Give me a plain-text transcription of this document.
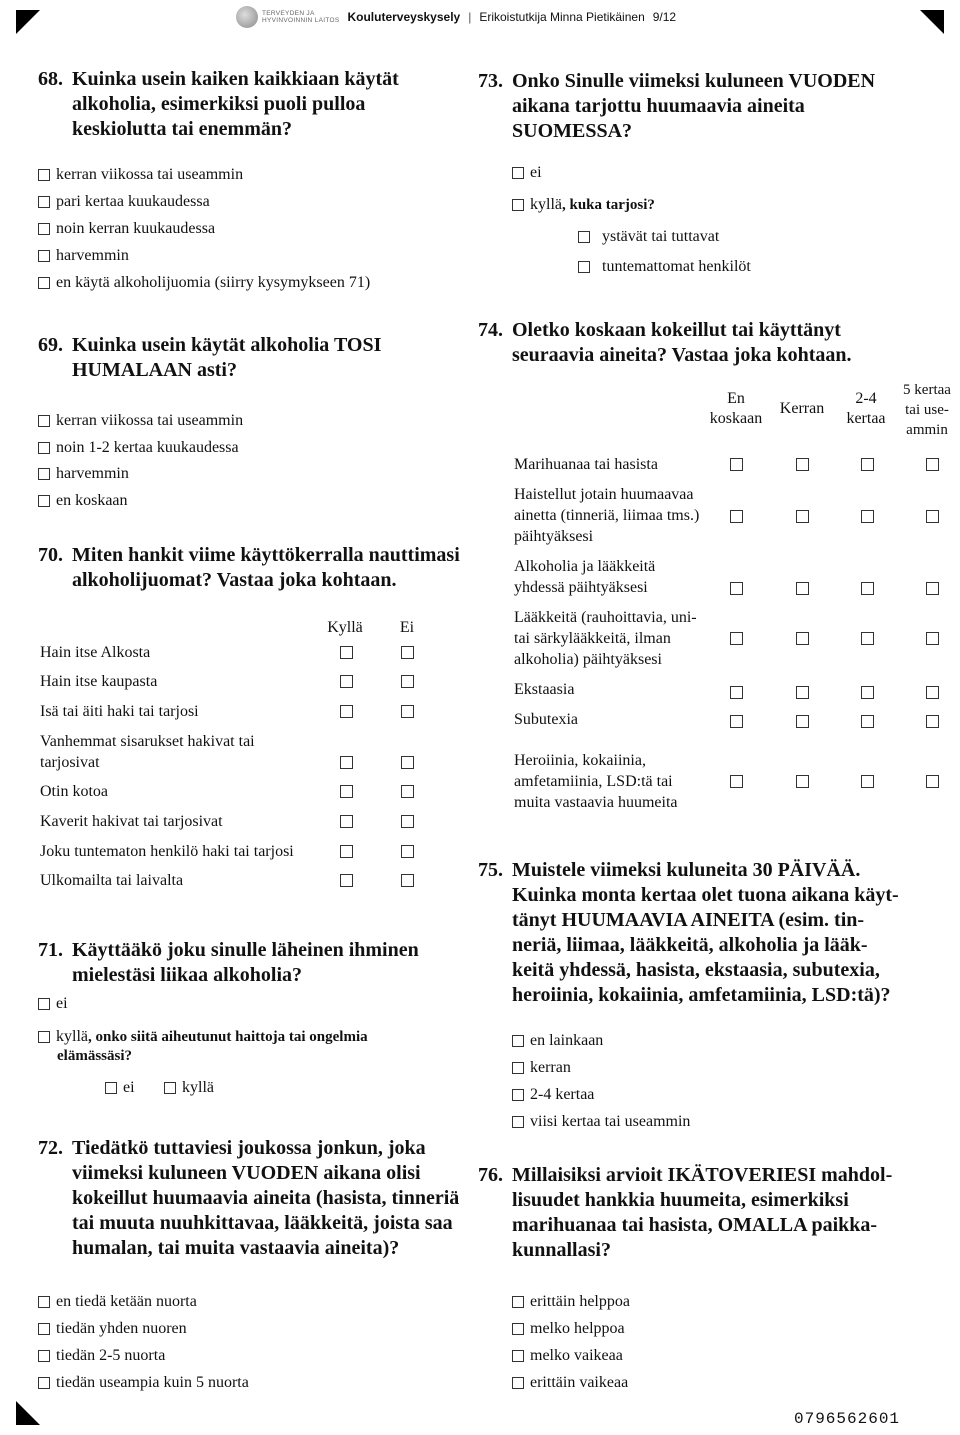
TERVEYDEN JA
HYVINVOINNIN LAITOS Kouluterveyskysely | Erikoistutkija Minna Pietikäinen 9/12
68. Kuinka usein kaiken kaikkiaan käytät
alkoholia, esimerkiksi puoli pulloa
keskiolutta tai enemmän?
kerran viikossa tai useammin
pari kertaa kuukaudessa
noin kerran kuukaudessa
harvemmin
en käytä alkoholijuomia (siirry kysymykseen 71)
69. Kuinka usein käytät alkoholia TOSI
HUMALAAN asti?
kerran viikossa tai useammin
noin 1-2 kertaa kuukaudessa
harvemmin
en koskaan
70. Miten hankit viime käyttökerralla nauttimasi
alkoholijuomat? Vastaa joka kohtaan.
Kyllä	Ei
Hain itse Alkosta
Hain itse kaupasta
Isä tai äiti haki tai tarjosi
Vanhemmat sisarukset hakivat tai
tarjosivat
Otin kotoa
Kaverit hakivat tai tarjosivat
Joku tuntematon henkilö haki tai tarjosi
Ulkomailta tai laivalta
71. Käyttääkö joku sinulle läheinen ihminen
mielestäsi liikaa alkoholia?
ei
kyllä , onko siitä aiheutunut haittoja tai ongelmia
elämässäsi?
ei	kyllä
72. Tiedätkö tuttaviesi joukossa jonkun, joka
viimeksi kuluneen VUODEN aikana olisi
kokeillut huumaavia aineita (hasista, tinneriä
tai muuta nuuhkittavaa, lääkkeitä, joista saa
humalan, tai muita vastaavia aineita)?
en tiedä ketään nuorta
tiedän yhden nuoren
tiedän 2-5 nuorta
tiedän useampia kuin 5 nuorta
73. Onko Sinulle viimeksi kuluneen VUODEN
aikana tarjottu huumaavia aineita
SUOMESSA?
ei
kyllä , kuka tarjosi?
ystävät tai tuttavat
tuntemattomat henkilöt
74. Oletko koskaan kokeillut tai käyttänyt
seuraavia aineita? Vastaa joka kohtaan.
En
koskaan
Kerran
2-4
kertaa
5 kertaa
tai use-
ammin
Marihuanaa tai hasista
Haistellut jotain huumaavaa
ainetta (tinneriä, liimaa tms.)
päihtyäksesi
Alkoholia ja lääkkeitä
yhdessä päihtyäksesi
Lääkkeitä (rauhoittavia, uni-
tai särkylääkkeitä, ilman
alkoholia) päihtyäksesi
Ekstaasia
Subutexia
Heroiinia, kokaiinia,
amfetamiinia, LSD:tä tai
muita vastaavia huumeita
75. Muistele viimeksi kuluneita 30 PÄIVÄÄ.
Kuinka monta kertaa olet tuona aikana käyt-
tänyt HUUMAAVIA AINEITA (esim. tin-
neriä, liimaa, lääkkeitä, alkoholia ja lääk-
keitä yhdessä, hasista, ekstaasia, subutexia,
heroiinia, kokaiinia, amfetamiinia, LSD:tä)?
en lainkaan
kerran
2-4 kertaa
viisi kertaa tai useammin
76. Millaisiksi arvioit IKÄTOVERIESI mahdol-
lisuudet hankkia huumeita, esimerkiksi
marihuanaa tai hasista, OMALLA paikka-
kunnallasi?
erittäin helppoa
melko helppoa
melko vaikeaa
erittäin vaikeaa
0796562601
